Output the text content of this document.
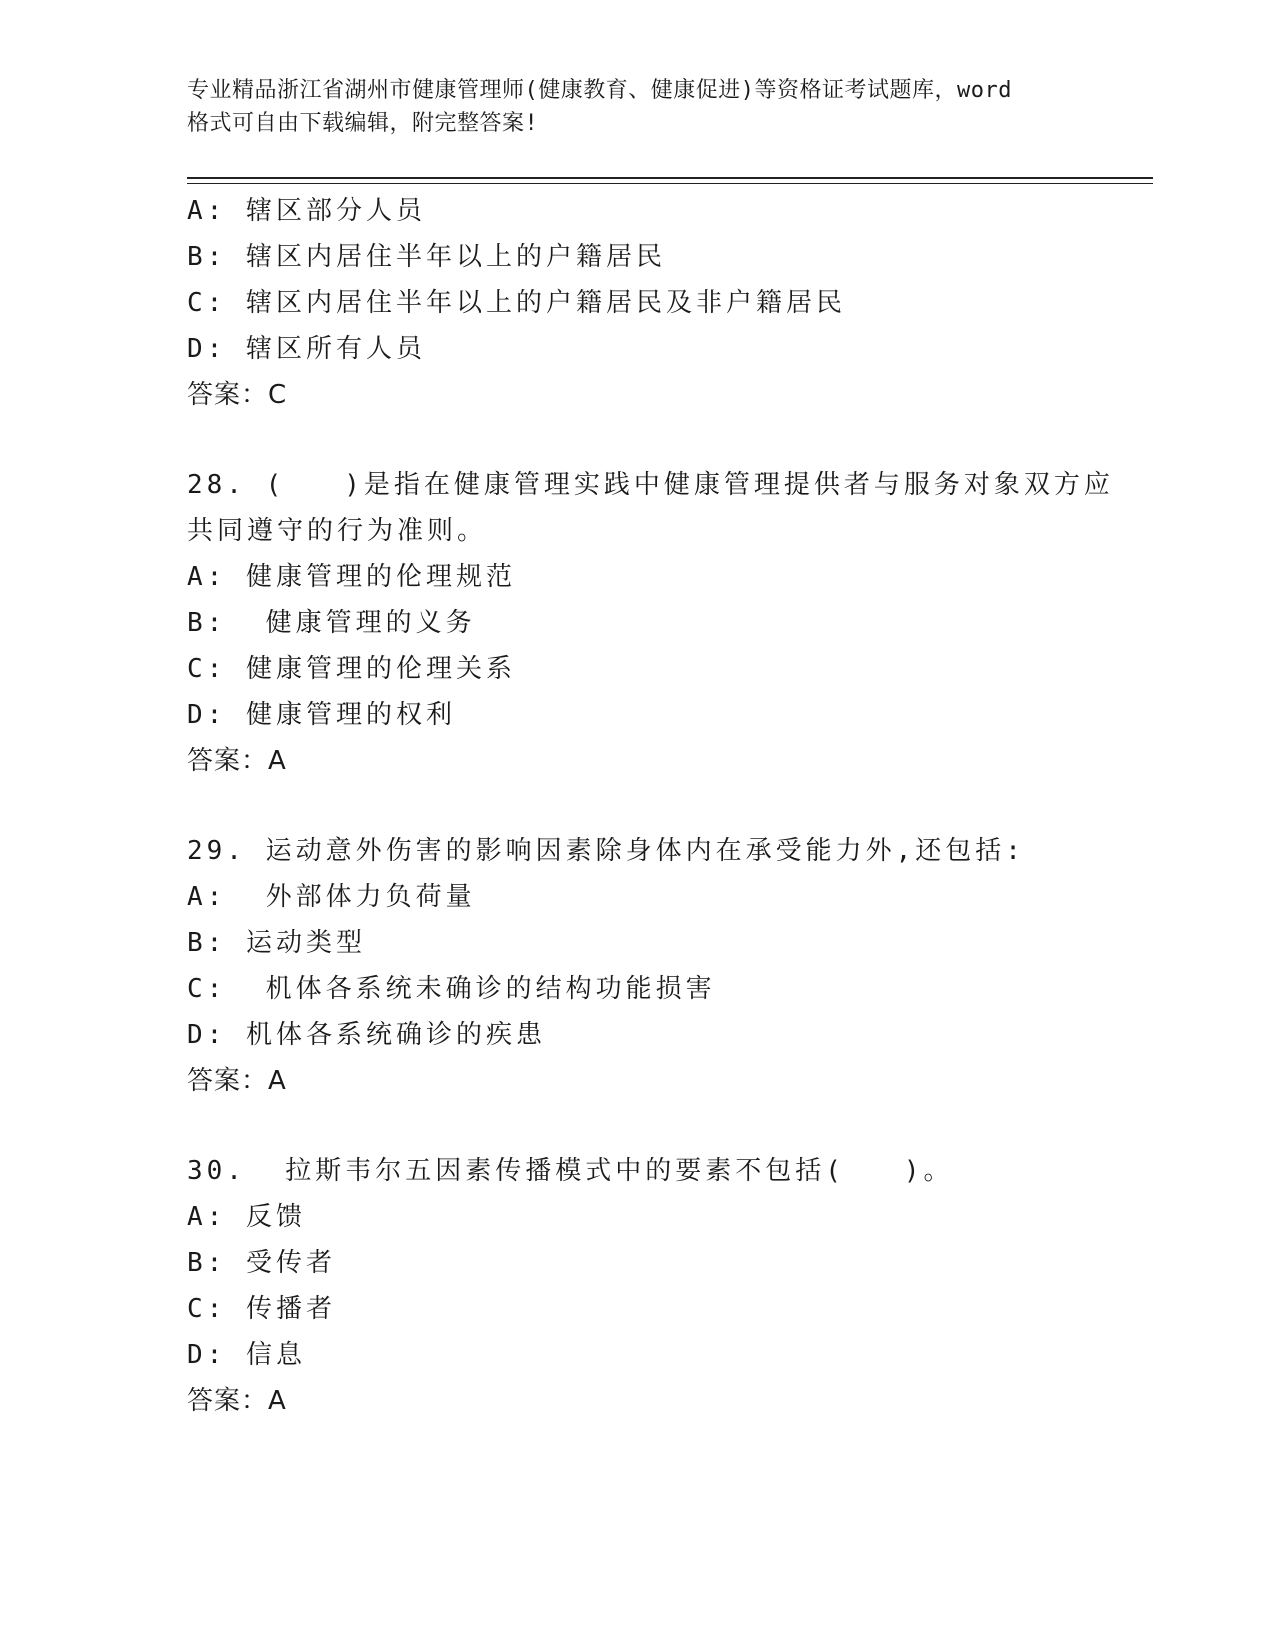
专业精品浙江省湖州市健康管理师(健康教育、健康促进)等资格证考试题库，word
格式可自由下载编辑，附完整答案!
A: 辖区部分人员
B: 辖区内居住半年以上的户籍居民
C: 辖区内居住半年以上的户籍居民及非户籍居民
D: 辖区所有人员
答案：C
28. (   )是指在健康管理实践中健康管理提供者与服务对象双方应
共同遵守的行为准则。
A: 健康管理的伦理规范
B:  健康管理的义务
C: 健康管理的伦理关系
D: 健康管理的权利
答案：A
29. 运动意外伤害的影响因素除身体内在承受能力外,还包括:
A:  外部体力负荷量
B: 运动类型
C:  机体各系统未确诊的结构功能损害
D: 机体各系统确诊的疾患
答案：A
30.  拉斯韦尔五因素传播模式中的要素不包括(   )。
A: 反馈
B: 受传者
C: 传播者
D: 信息
答案：A
